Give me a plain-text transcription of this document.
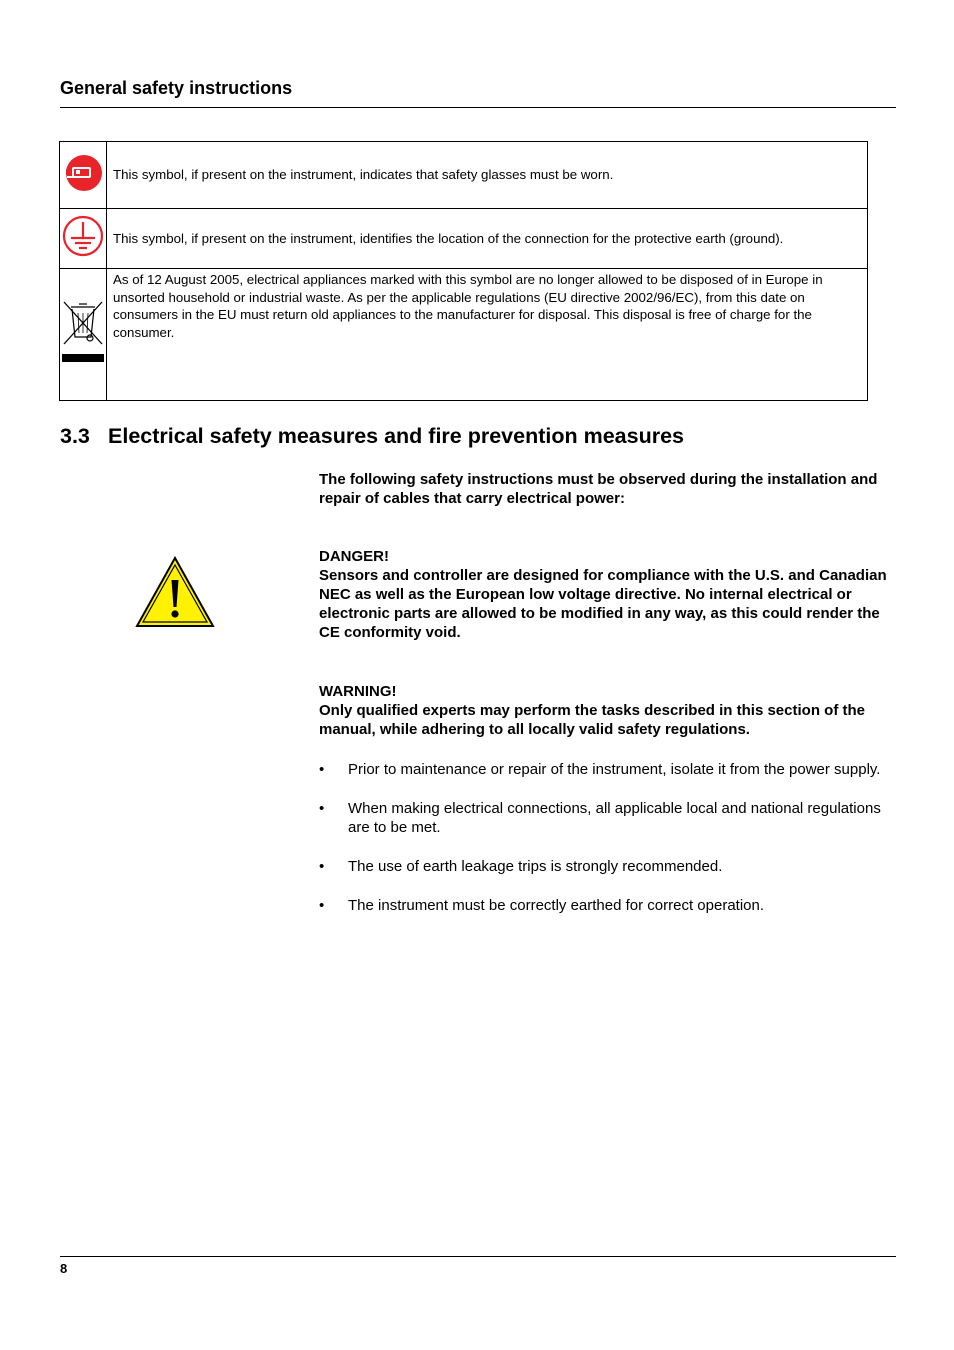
General safety instructions
	This symbol, if present on the instrument, indicates that safety glasses must be worn.
	This symbol, if present on the instrument, identifies the location of the connection for the protective earth (ground).
	As of 12 August 2005, electrical appliances marked with this symbol are no longer allowed to be disposed of in Europe in unsorted household or industrial waste. As per the applicable regulations (EU directive 2002/96/EC), from this date on consumers in the EU must return old appliances to the manufacturer for disposal. This disposal is free of charge for the consumer.
3.3 Electrical safety measures and fire prevention measures
The following safety instructions must be observed during the installation and repair of cables that carry electrical power:
DANGER!
Sensors and controller are designed for compliance with the U.S. and Canadian NEC as well as the European low voltage directive. No internal electrical or electronic parts are allowed to be modified in any way, as this could render the CE conformity void.
WARNING!
Only qualified experts may perform the tasks described in this section of the manual, while adhering to all locally valid safety regulations.
• Prior to maintenance or repair of the instrument, isolate it from the power supply.
• When making electrical connections, all applicable local and national regulations are to be met.
• The use of earth leakage trips is strongly recommended.
• The instrument must be correctly earthed for correct operation.
8
